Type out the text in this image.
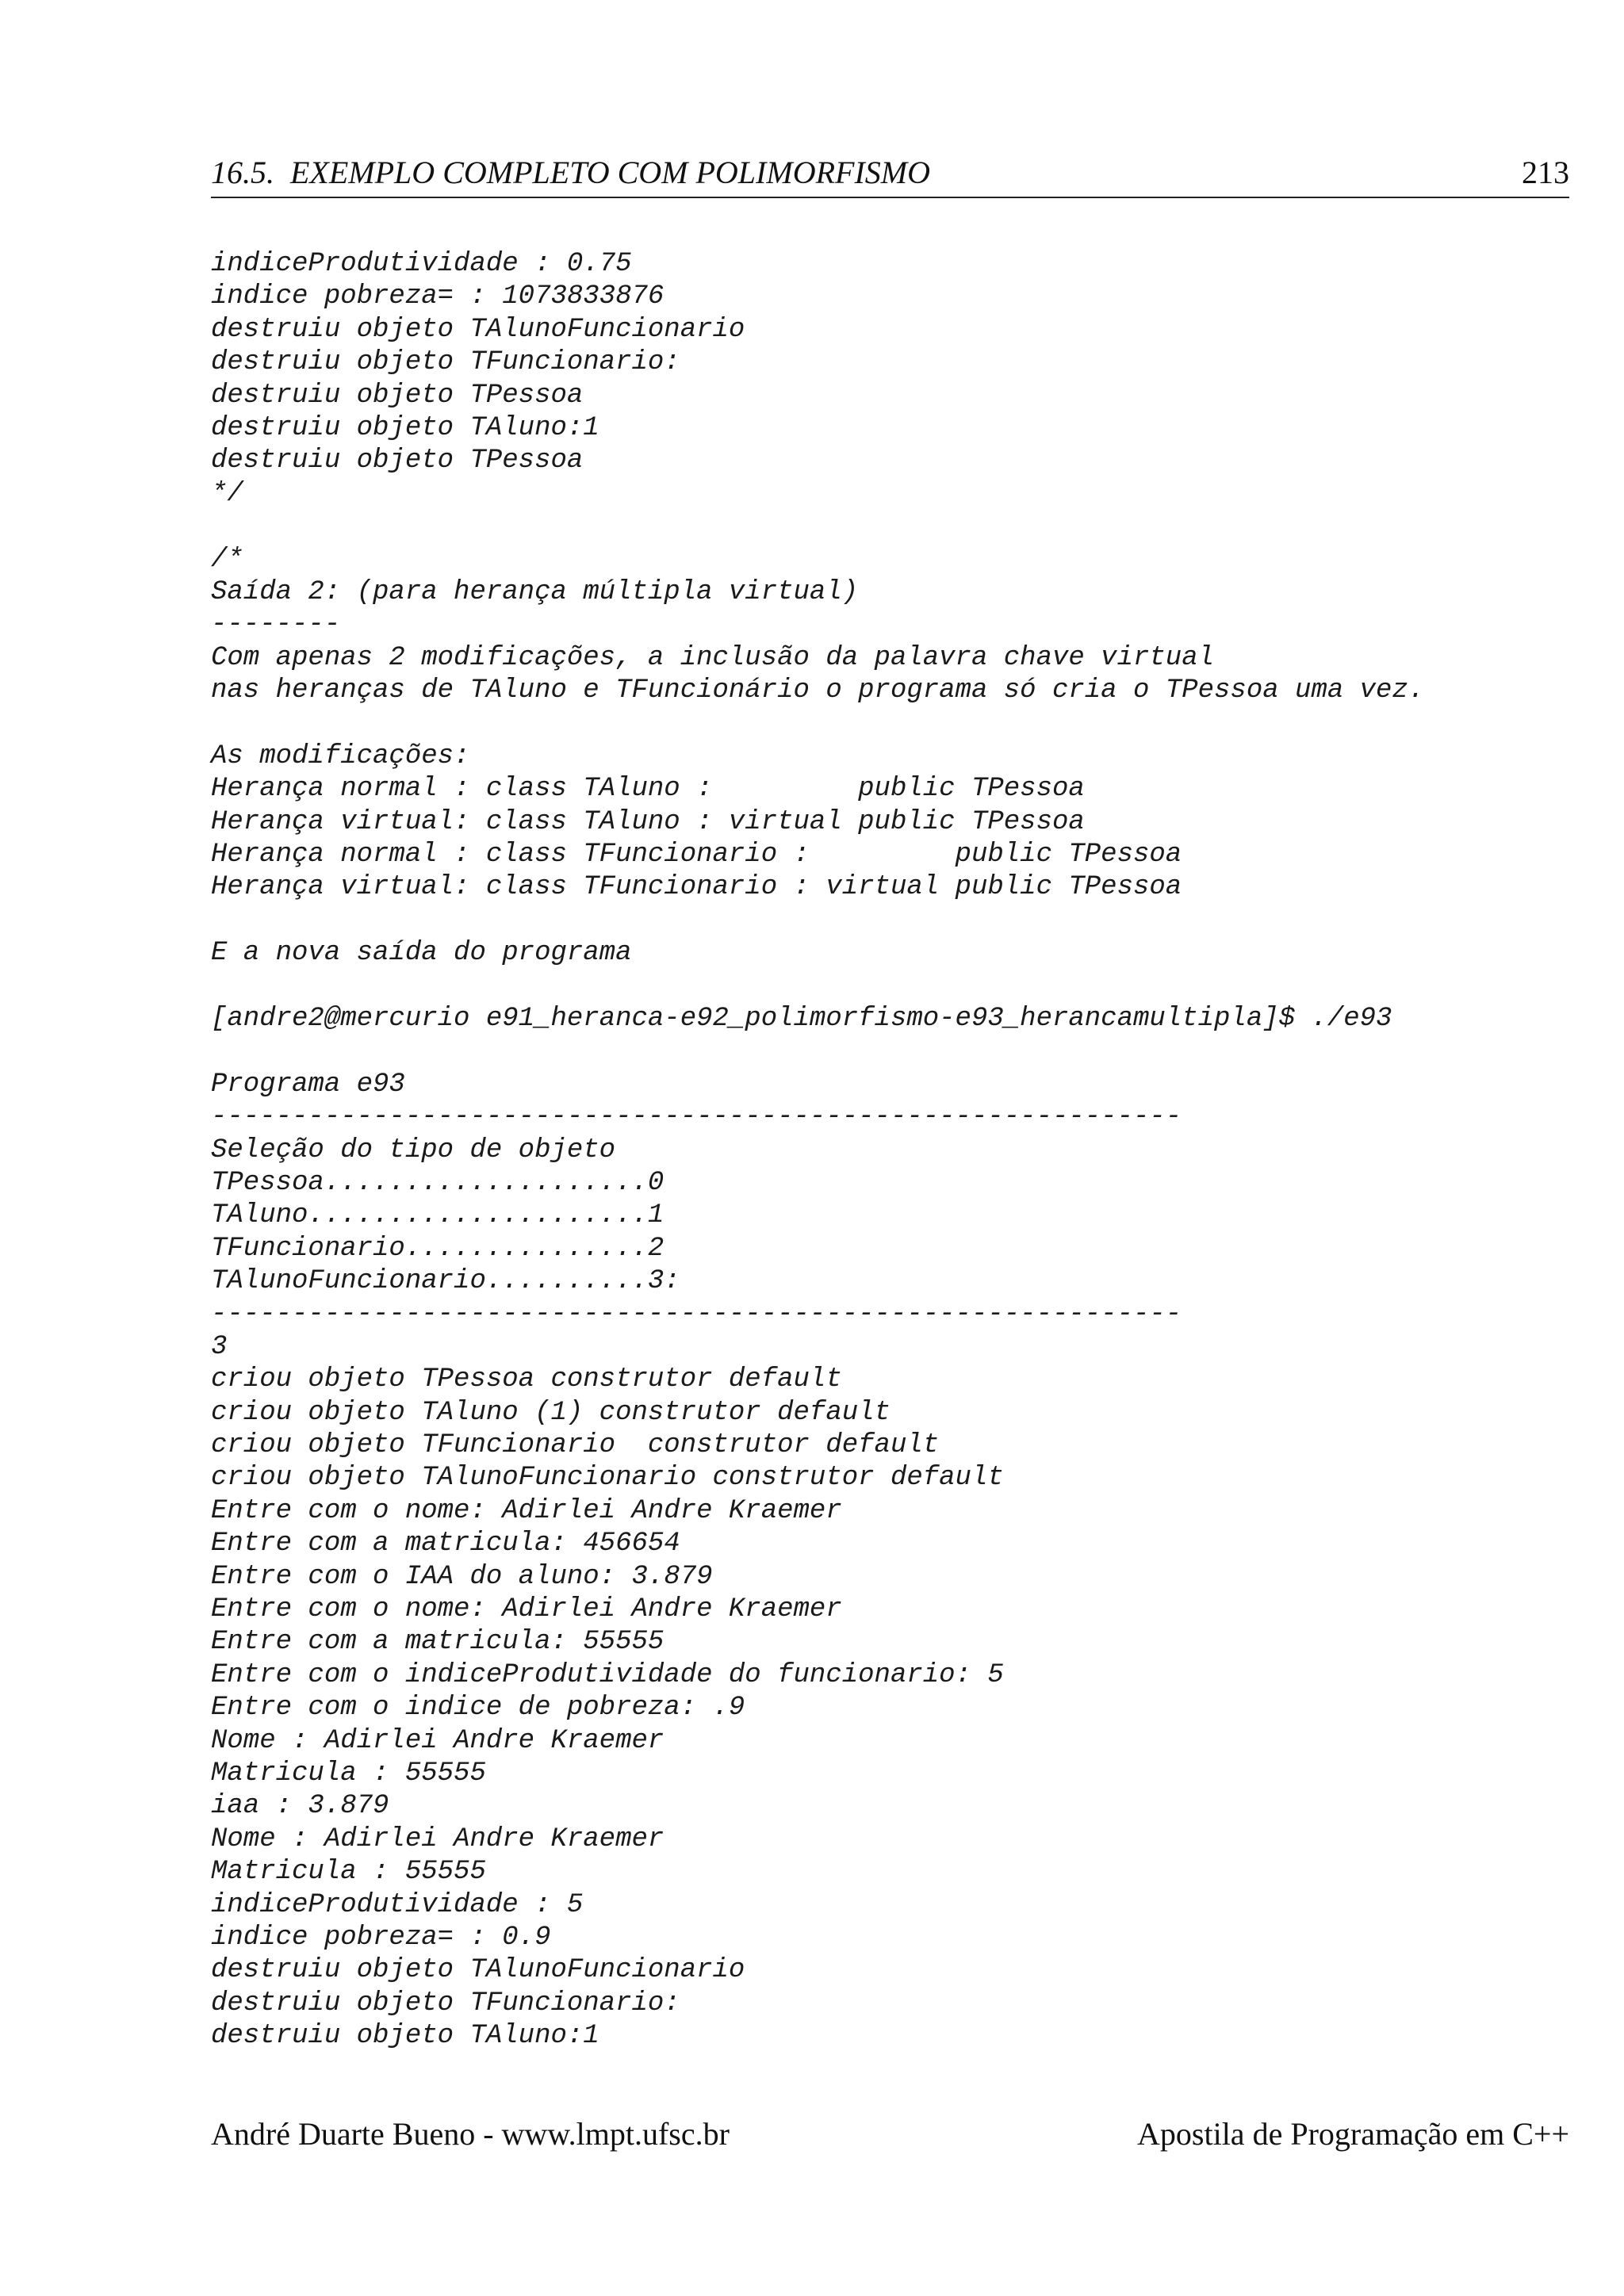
16.5.  EXEMPLO COMPLETO COM POLIMORFISMO	213
indiceProdutividade : 0.75
indice pobreza= : 1073833876
destruiu objeto TAlunoFuncionario
destruiu objeto TFuncionario:
destruiu objeto TPessoa
destruiu objeto TAluno:1
destruiu objeto TPessoa
*/
/*
Saída 2: (para herança múltipla virtual)
--------
Com apenas 2 modificações, a inclusão da palavra chave virtual
nas heranças de TAluno e TFuncionário o programa só cria o TPessoa uma vez.
As modificações:
Herança normal : class TAluno :         public TPessoa
Herança virtual: class TAluno : virtual public TPessoa
Herança normal : class TFuncionario :         public TPessoa
Herança virtual: class TFuncionario : virtual public TPessoa
E a nova saída do programa
[andre2@mercurio e91_heranca-e92_polimorfismo-e93_herancamultipla]$ ./e93
Programa e93
------------------------------------------------------------
Seleção do tipo de objeto
TPessoa....................0
TAluno.....................1
TFuncionario...............2
TAlunoFuncionario..........3:
------------------------------------------------------------
3
criou objeto TPessoa construtor default
criou objeto TAluno (1) construtor default
criou objeto TFuncionario  construtor default
criou objeto TAlunoFuncionario construtor default
Entre com o nome: Adirlei Andre Kraemer
Entre com a matricula: 456654
Entre com o IAA do aluno: 3.879
Entre com o nome: Adirlei Andre Kraemer
Entre com a matricula: 55555
Entre com o indiceProdutividade do funcionario: 5
Entre com o indice de pobreza: .9
Nome : Adirlei Andre Kraemer
Matricula : 55555
iaa : 3.879
Nome : Adirlei Andre Kraemer
Matricula : 55555
indiceProdutividade : 5
indice pobreza= : 0.9
destruiu objeto TAlunoFuncionario
destruiu objeto TFuncionario:
destruiu objeto TAluno:1
André Duarte Bueno - www.lmpt.ufsc.br	Apostila de Programação em C++
